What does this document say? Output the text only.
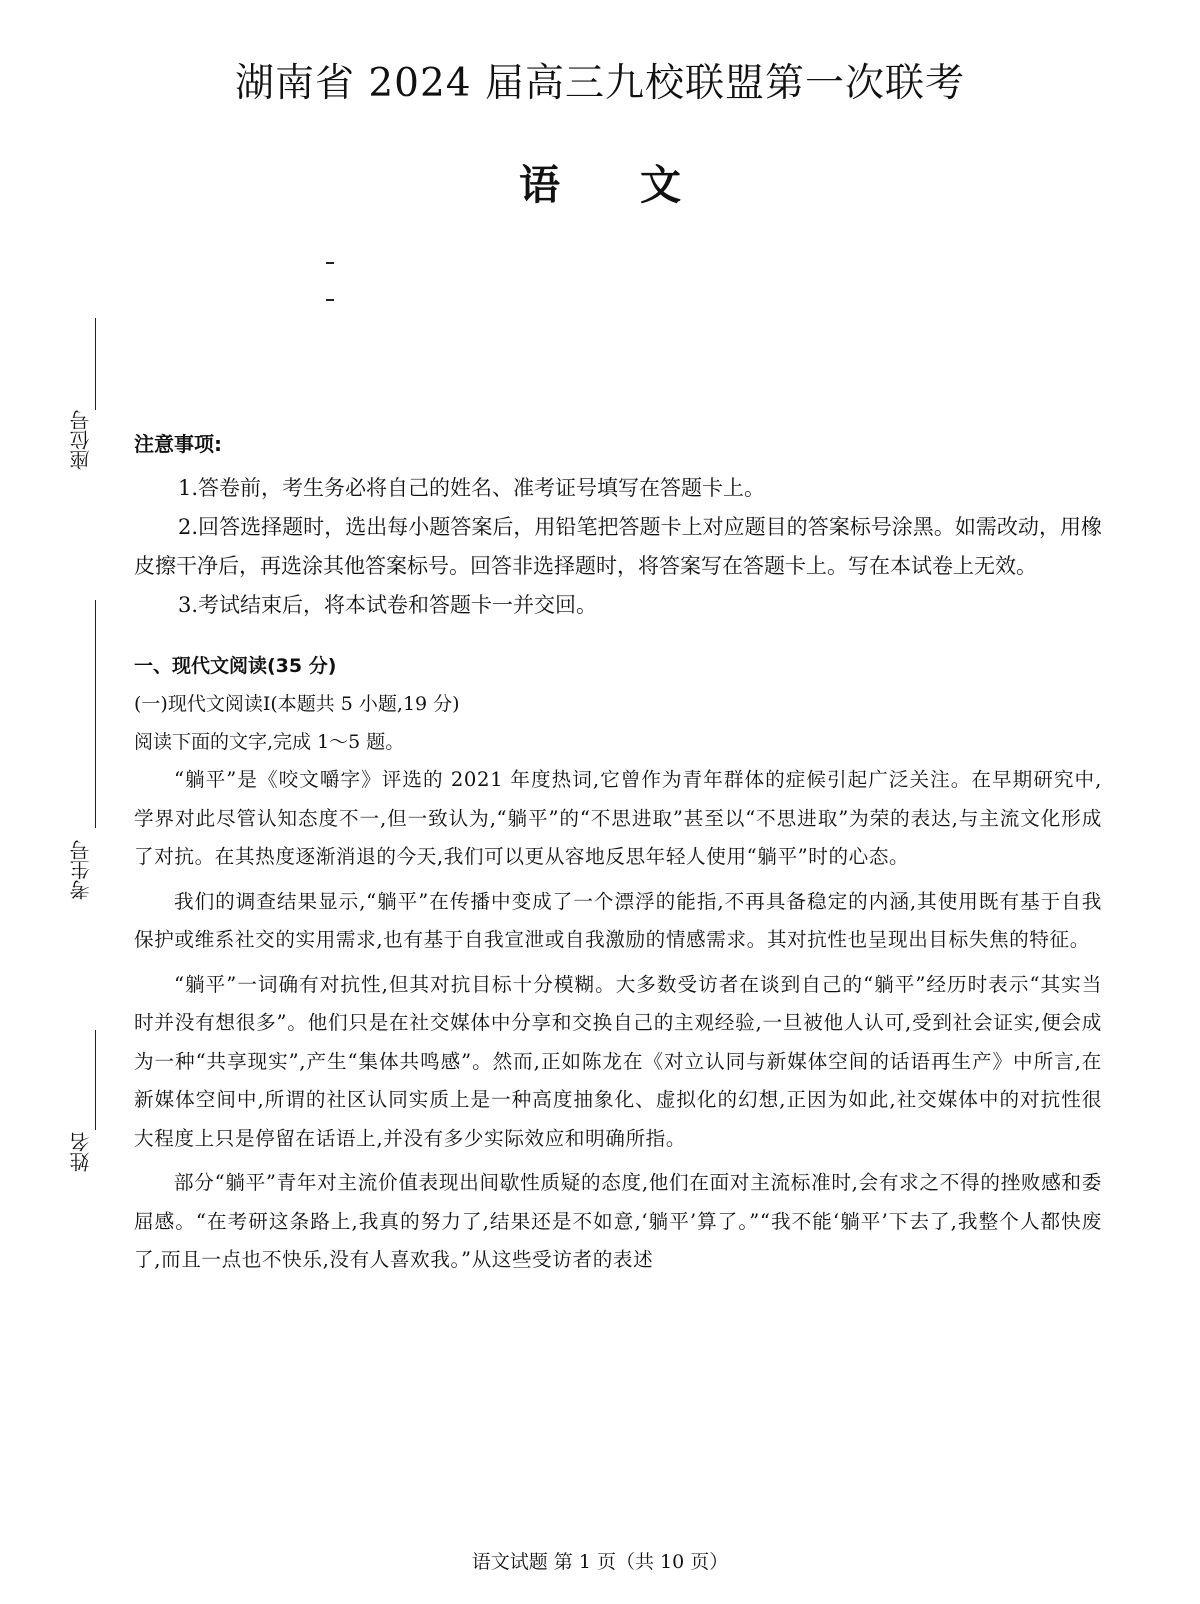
湖南省 2024 届高三九校联盟第一次联考
语 文
座位号
考生号
姓名
注意事项:

1.答卷前，考生务必将自己的姓名、准考证号填写在答题卡上。

2.回答选择题时，选出每小题答案后，用铅笔把答题卡上对应题目的答案标号涂黑。如需改动，用橡皮擦干净后，再选涂其他答案标号。回答非选择题时，将答案写在答题卡上。写在本试卷上无效。

3.考试结束后，将本试卷和答题卡一并交回。

一、现代文阅读(35 分)
(一)现代文阅读Ⅰ(本题共 5 小题,19 分)
阅读下面的文字,完成 1～5 题。

“躺平”是《咬文嚼字》评选的 2021 年度热词,它曾作为青年群体的症候引起广泛关注。在早期研究中,学界对此尽管认知态度不一,但一致认为,“躺平”的“不思进取”甚至以“不思进取”为荣的表达,与主流文化形成了对抗。在其热度逐渐消退的今天,我们可以更从容地反思年轻人使用“躺平”时的心态。

我们的调查结果显示,“躺平”在传播中变成了一个漂浮的能指,不再具备稳定的内涵,其使用既有基于自我保护或维系社交的实用需求,也有基于自我宣泄或自我激励的情感需求。其对抗性也呈现出目标失焦的特征。

“躺平”一词确有对抗性,但其对抗目标十分模糊。大多数受访者在谈到自己的“躺平”经历时表示“其实当时并没有想很多”。他们只是在社交媒体中分享和交换自己的主观经验,一旦被他人认可,受到社会证实,便会成为一种“共享现实”,产生“集体共鸣感”。然而,正如陈龙在《对立认同与新媒体空间的话语再生产》中所言,在新媒体空间中,所谓的社区认同实质上是一种高度抽象化、虚拟化的幻想,正因为如此,社交媒体中的对抗性很大程度上只是停留在话语上,并没有多少实际效应和明确所指。

部分“躺平”青年对主流价值表现出间歇性质疑的态度,他们在面对主流标准时,会有求之不得的挫败感和委屈感。“在考研这条路上,我真的努力了,结果还是不如意,‘躺平’算了。”“我不能‘躺平’下去了,我整个人都快废了,而且一点也不快乐,没有人喜欢我。”从这些受访者的表述

语文试题 第 1 页（共 10 页）
